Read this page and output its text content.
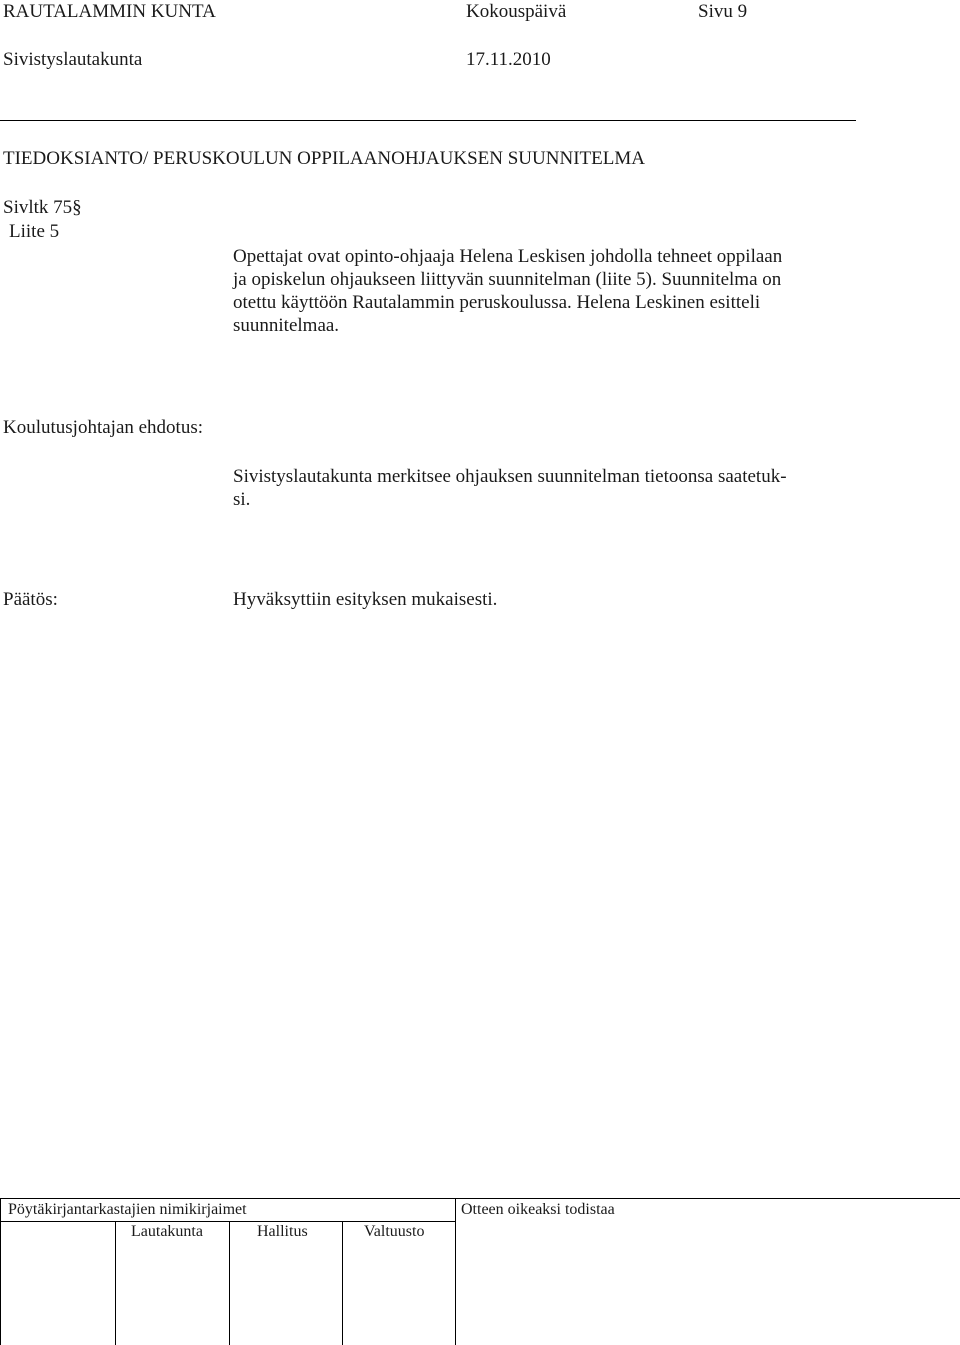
RAUTALAMMIN KUNTA	Kokouspäivä	Sivu 9
Sivistyslautakunta	17.11.2010
TIEDOKSIANTO/ PERUSKOULUN OPPILAANOHJAUKSEN SUUNNITELMA
Sivltk 75§
Liite 5
Opettajat ovat opinto-ohjaaja Helena Leskisen johdolla tehneet oppilaan
ja opiskelun ohjaukseen liittyvän suunnitelman (liite 5). Suunnitelma on
otettu käyttöön Rautalammin peruskoulussa. Helena Leskinen esitteli
suunnitelmaa.
Koulutusjohtajan ehdotus:
Sivistyslautakunta merkitsee ohjauksen suunnitelman tietoonsa saatetuk-
si.
Päätös:	Hyväksyttiin esityksen mukaisesti.
Pöytäkirjantarkastajien nimikirjaimet	Otteen oikeaksi todistaa
Lautakunta	Hallitus	Valtuusto
